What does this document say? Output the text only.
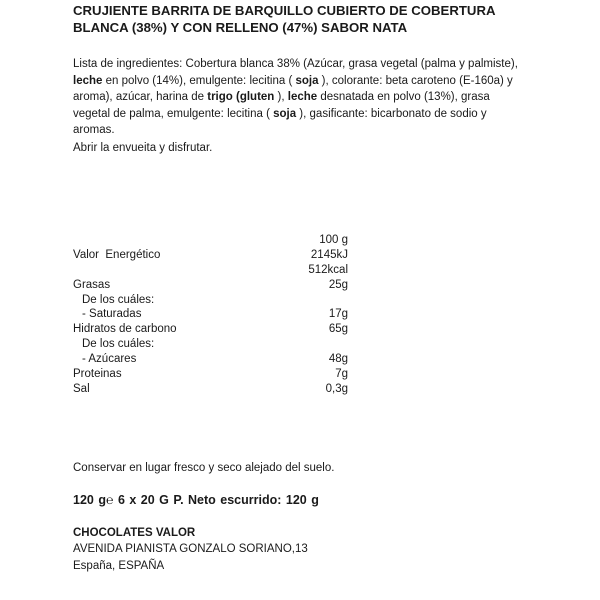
CRUJIENTE BARRITA DE BARQUILLO CUBIERTO DE COBERTURA BLANCA (38%) Y CON RELLENO (47%) SABOR NATA

Lista de ingredientes: Cobertura blanca 38% (Azúcar, grasa vegetal (palma y palmiste), leche en polvo (14%), emulgente: lecitina ( soja ), colorante: beta caroteno (E-160a) y aroma), azúcar, harina de trigo (gluten ), leche desnatada en polvo (13%), grasa vegetal de palma, emulgente: lecitina ( soja ), gasificante: bicarbonato de sodio y aromas.

Abrir la envueita y disfrutar.

100 g
Valor  Energético	2145kJ
512kcal
Grasas	25g
De los cuáles:
- Saturadas	17g
Hidratos de carbono	65g
De los cuáles:
- Azúcares	48g
Proteinas	7g
Sal	0,3g

Conservar en lugar fresco y seco alejado del suelo.

120 g℮ 6 x 20 G P. Neto escurrido: 120 g

CHOCOLATES VALOR
AVENIDA PIANISTA GONZALO SORIANO,13
España, ESPAÑA
